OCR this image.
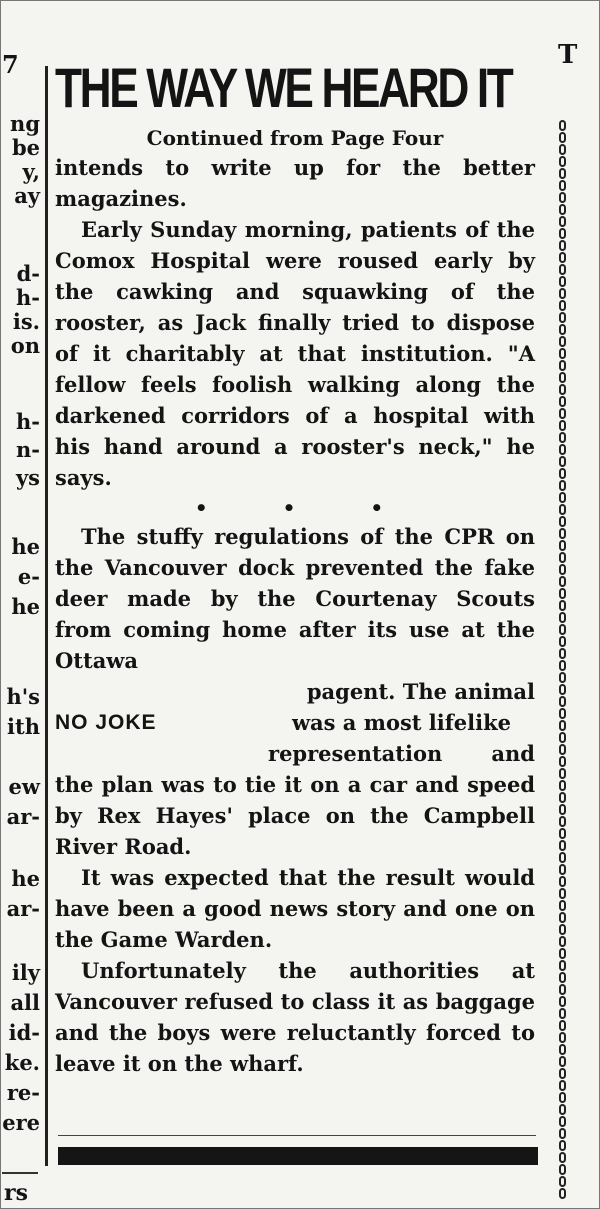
7	T
ng
be
y,
ay
d-
h-
is.
on
h-
n-
ys
he
e-
he
h's
ith
ew
ar-
he
ar-
ily
all
id-
ke.
re-
ere
rs
THE WAY WE HEARD IT
Continued from Page Four

intends to write up for the better magazines.

Early Sunday morning, patients of the Comox Hospital were roused early by the cawking and squawking of the rooster, as Jack finally tried to dispose of it charitably at that institution. "A fellow feels foolish walking along the darkened corridors of a hospital with his hand around a rooster's neck," he says.

• • •

The stuffy regulations of the CPR on the Vancouver dock prevented the fake deer made by the Courtenay Scouts from coming home after its use at the Ottawa

NO JOKE
pagent. The animal
was a most lifelike
representation and

the plan was to tie it on a car and speed by Rex Hayes' place on the Campbell River Road.

It was expected that the result would have been a good news story and one on the Game Warden.

Unfortunately the authorities at Vancouver refused to class it as baggage and the boys were reluctantly forced to leave it on the wharf.
